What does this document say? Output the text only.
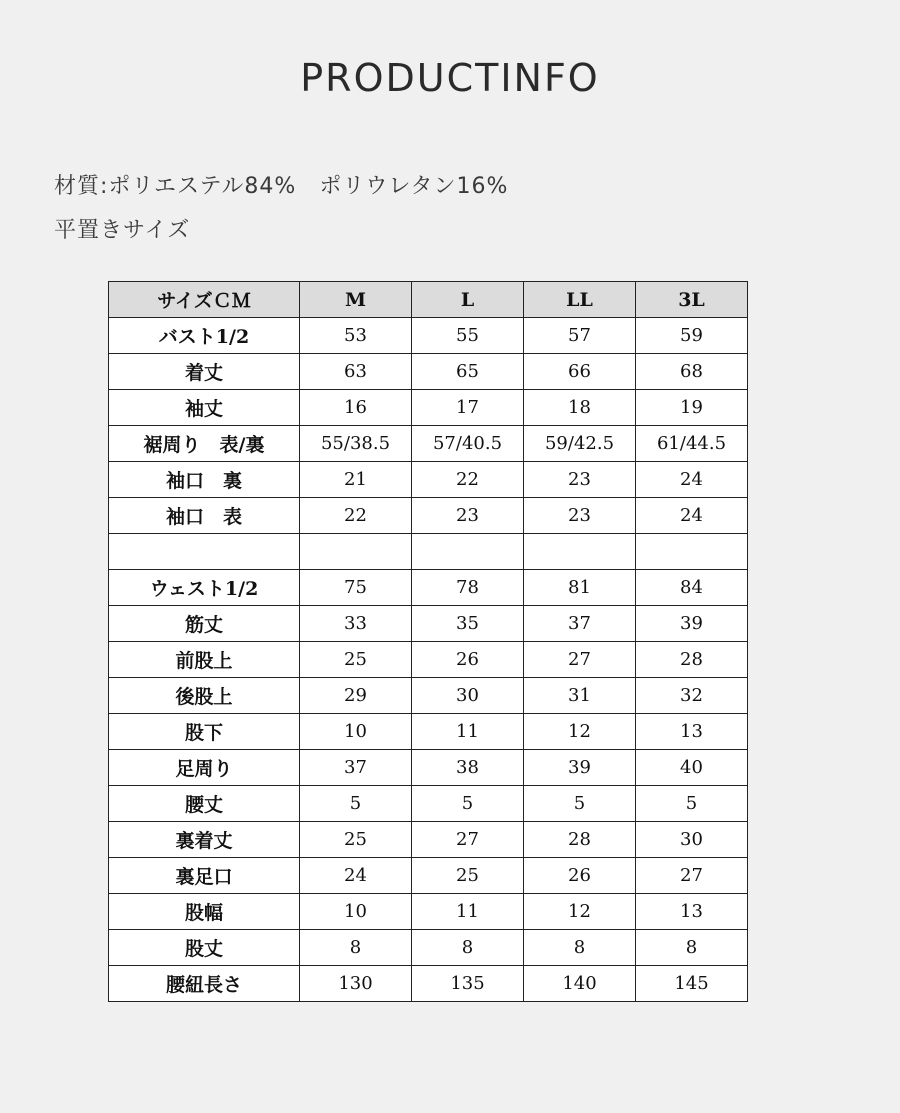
PRODUCTINFO
材質:ポリエステル84%　ポリウレタン16%
平置きサイズ
サイズＣＭ	M	L	LL	3L
バスト1/2	53	55	57	59
着丈	63	65	66	68
袖丈	16	17	18	19
裾周り　表/裏	55/38.5	57/40.5	59/42.5	61/44.5
袖口　裏	21	22	23	24
袖口　表	22	23	23	24

ウェスト1/2	75	78	81	84
筋丈	33	35	37	39
前股上	25	26	27	28
後股上	29	30	31	32
股下	10	11	12	13
足周り	37	38	39	40
腰丈	5	5	5	5
裏着丈	25	27	28	30
裏足口	24	25	26	27
股幅	10	11	12	13
股丈	8	8	8	8
腰紐長さ	130	135	140	145
